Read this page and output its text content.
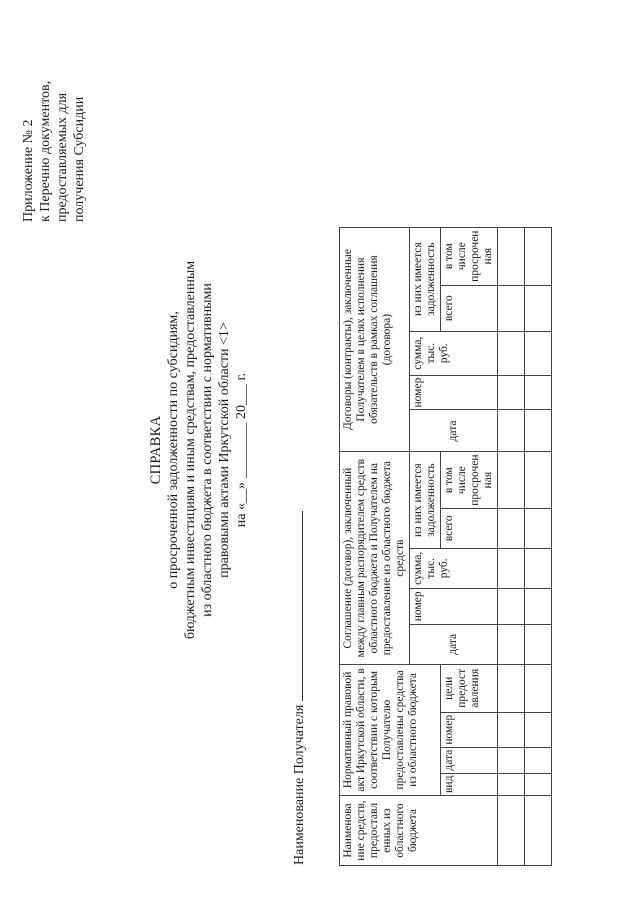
Приложение № 2 к Перечню документов, предоставляемых для получения Субсидии
СПРАВКА о просроченной задолженности по субсидиям, бюджетным инвестициям и иным средствам, предоставленным из областного бюджета в соответствии с нормативными правовыми актами Иркутской области <1> на «__» ________ 20___ г.
Наименование Получателя	Наименова ние средств, предоставл енных из областного бюджета	Нормативный правовой акт Иркутской области, в соответствии с которым Получателю предоставлены средства из областного бюджета				Соглашение (договор), заключенный между главным распорядителем средств областного бюджета и Получателем на предоставление из областного бюджета средств					Договоры (контракты), заключенные Получателем в целях исполнения обязательств в рамках соглашения (договора)				
					дата	номер	сумма, тыс. руб.	из них имеется задолженность		дата	номер	сумма, тыс. руб.	из них имеется задолженность	
	вид	дата	номер	цели предост авления				всего	в том числе просрочен ная				всего	в том числе просрочен ная
